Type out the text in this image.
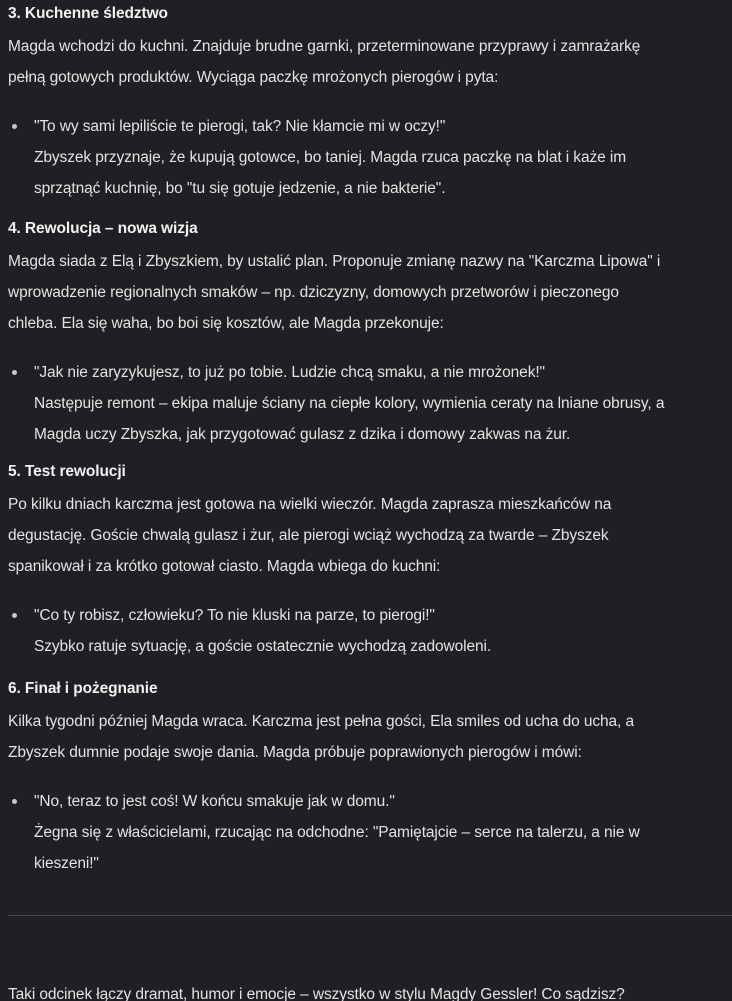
3. Kuchenne śledztwo

Magda wchodzi do kuchni. Znajduje brudne garnki, przeterminowane przyprawy i zamrażarkę
pełną gotowych produktów. Wyciąga paczkę mrożonych pierogów i pyta:

"To wy sami lepiliście te pierogi, tak? Nie kłamcie mi w oczy!"
Zbyszek przyznaje, że kupują gotowce, bo taniej. Magda rzuca paczkę na blat i każe im
sprzątnąć kuchnię, bo "tu się gotuje jedzenie, a nie bakterie".
4. Rewolucja – nowa wizja

Magda siada z Elą i Zbyszkiem, by ustalić plan. Proponuje zmianę nazwy na "Karczma Lipowa" i
wprowadzenie regionalnych smaków – np. dziczyzny, domowych przetworów i pieczonego
chleba. Ela się waha, bo boi się kosztów, ale Magda przekonuje:

"Jak nie zaryzykujesz, to już po tobie. Ludzie chcą smaku, a nie mrożonek!"
Następuje remont – ekipa maluje ściany na ciepłe kolory, wymienia ceraty na lniane obrusy, a
Magda uczy Zbyszka, jak przygotować gulasz z dzika i domowy zakwas na żur.
5. Test rewolucji

Po kilku dniach karczma jest gotowa na wielki wieczór. Magda zaprasza mieszkańców na
degustację. Goście chwalą gulasz i żur, ale pierogi wciąż wychodzą za twarde – Zbyszek
spanikował i za krótko gotował ciasto. Magda wbiega do kuchni:

"Co ty robisz, człowieku? To nie kluski na parze, to pierogi!"
Szybko ratuje sytuację, a goście ostatecznie wychodzą zadowoleni.
6. Finał i pożegnanie

Kilka tygodni później Magda wraca. Karczma jest pełna gości, Ela smiles od ucha do ucha, a
Zbyszek dumnie podaje swoje dania. Magda próbuje poprawionych pierogów i mówi:

"No, teraz to jest coś! W końcu smakuje jak w domu."
Żegna się z właścicielami, rzucając na odchodne: "Pamiętajcie – serce na talerzu, a nie w
kieszeni!"

Taki odcinek łączy dramat, humor i emocje – wszystko w stylu Magdy Gessler! Co sądzisz?
